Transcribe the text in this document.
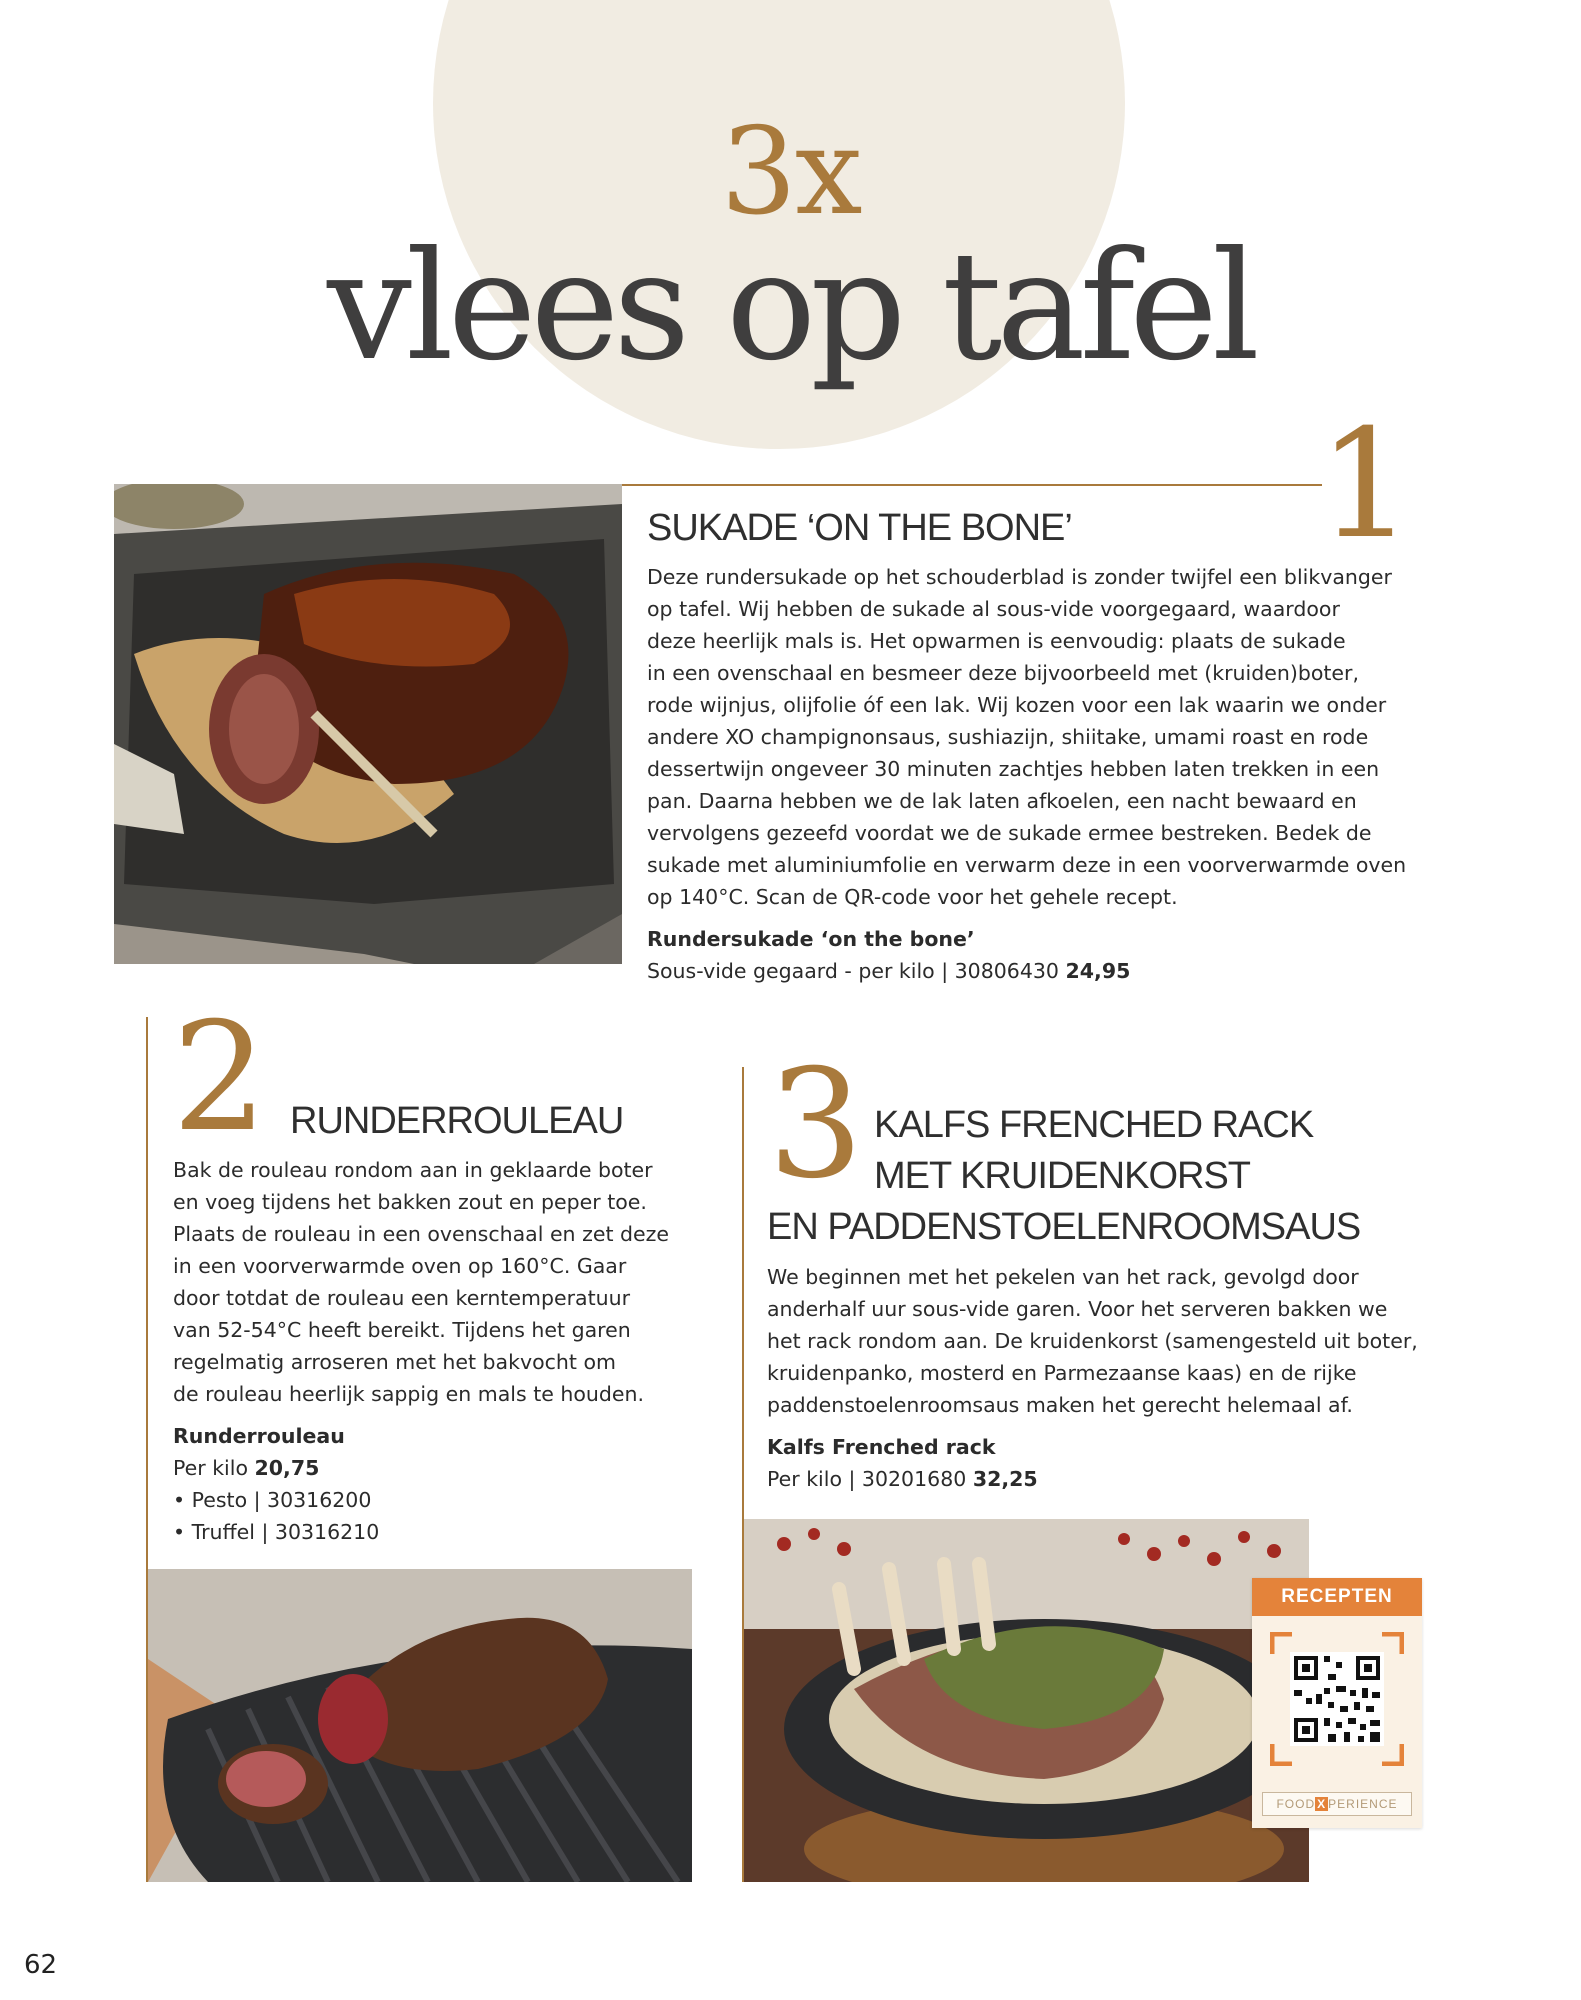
3x
vlees op tafel
1
SUKADE ‘ON THE BONE’
Deze rundersukade op het schouderblad is zonder twijfel een blikvanger
op tafel. Wij hebben de sukade al sous-vide voorgegaard, waardoor
deze heerlijk mals is. Het opwarmen is eenvoudig: plaats de sukade
in een ovenschaal en besmeer deze bijvoorbeeld met (kruiden)boter,
rode wijnjus, olijfolie óf een lak. Wij kozen voor een lak waarin we onder
andere XO champignonsaus, sushiazijn, shiitake, umami roast en rode
dessertwijn ongeveer 30 minuten zachtjes hebben laten trekken in een
pan. Daarna hebben we de lak laten afkoelen, een nacht bewaard en
vervolgens gezeefd voordat we de sukade ermee bestreken. Bedek de
sukade met aluminiumfolie en verwarm deze in een voorverwarmde oven
op 140°C. Scan de QR-code voor het gehele recept.
Rundersukade ‘on the bone’
Sous-vide gegaard - per kilo | 30806430 24,95
2 RUNDERROULEAU
Bak de rouleau rondom aan in geklaarde boter
en voeg tijdens het bakken zout en peper toe.
Plaats de rouleau in een ovenschaal en zet deze
in een voorverwarmde oven op 160°C. Gaar
door totdat de rouleau een kerntemperatuur
van 52-54°C heeft bereikt. Tijdens het garen
regelmatig arroseren met het bakvocht om
de rouleau heerlijk sappig en mals te houden.
Runderrouleau
Per kilo 20,75
• Pesto | 30316200
• Truffel | 30316210
3 KALFS FRENCHED RACK
MET KRUIDENKORST
EN PADDENSTOELENROOMSAUS
We beginnen met het pekelen van het rack, gevolgd door
anderhalf uur sous-vide garen. Voor het serveren bakken we
het rack rondom aan. De kruidenkorst (samengesteld uit boter,
kruidenpanko, mosterd en Parmezaanse kaas) en de rijke
paddenstoelenroomsaus maken het gerecht helemaal af.
Kalfs Frenched rack
Per kilo | 30201680 32,25
RECEPTEN
FOOD X PERIENCE
62
